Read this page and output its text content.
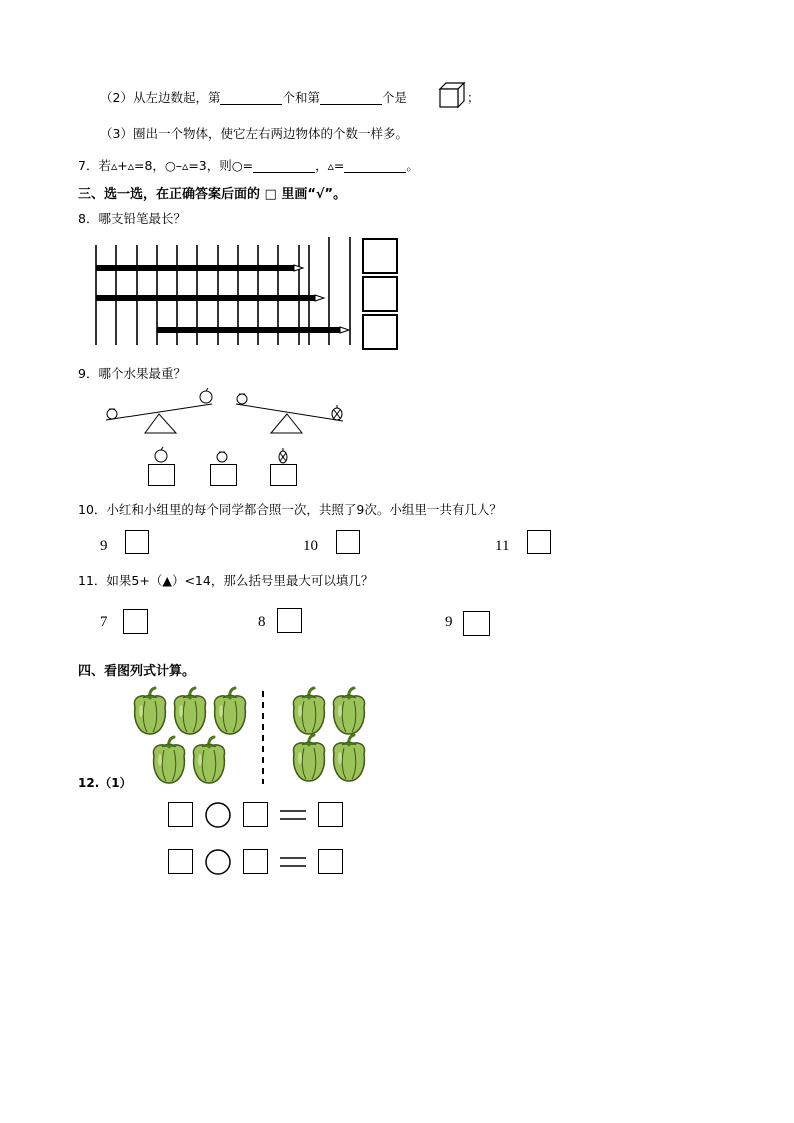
（2）从左边数起，第	个和第	个是	；
（3）圈出一个物体，使它左右两边物体的个数一样多。
7．若▵+▵=8，○–▵=3，则○=	，▵=	。
三、选一选，在正确答案后面的 □ 里画“√”。
8．哪支铅笔最长？
9．哪个水果最重？
10．小红和小组里的每个同学都合照一次，共照了9次。小组里一共有几人？
9	10	11
11．如果5+（▲）<14，那么括号里最大可以填几？
7	8	9
四、看图列式计算。
12.（1）
